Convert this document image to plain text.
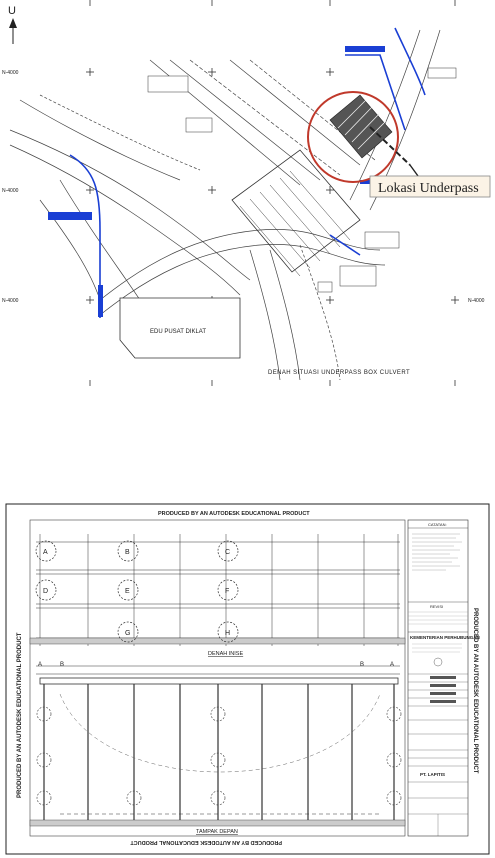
U
N-4000
N-4000
N-4000	N-4000
EDU PUSAT DIKLAT
Lokasi Underpass
DENAH SITUASI UNDERPASS BOX CULVERT
PRODUCED BY AN AUTODESK EDUCATIONAL PRODUCT
PRODUCED BY AN AUTODESK EDUCATIONAL PRODUCT
PRODUCED BY AN AUTODESK EDUCATIONAL PRODUCT	PRODUCED BY AN AUTODESK EDUCATIONAL PRODUCT
A	B	C
D	E	F
G	H
DENAH INISE
A	B	B	A
TAMPAK DEPAN
CATATAN:
REVISI
KEMENTERIAN PERHUBUNGAN
PT. LAPITIS
